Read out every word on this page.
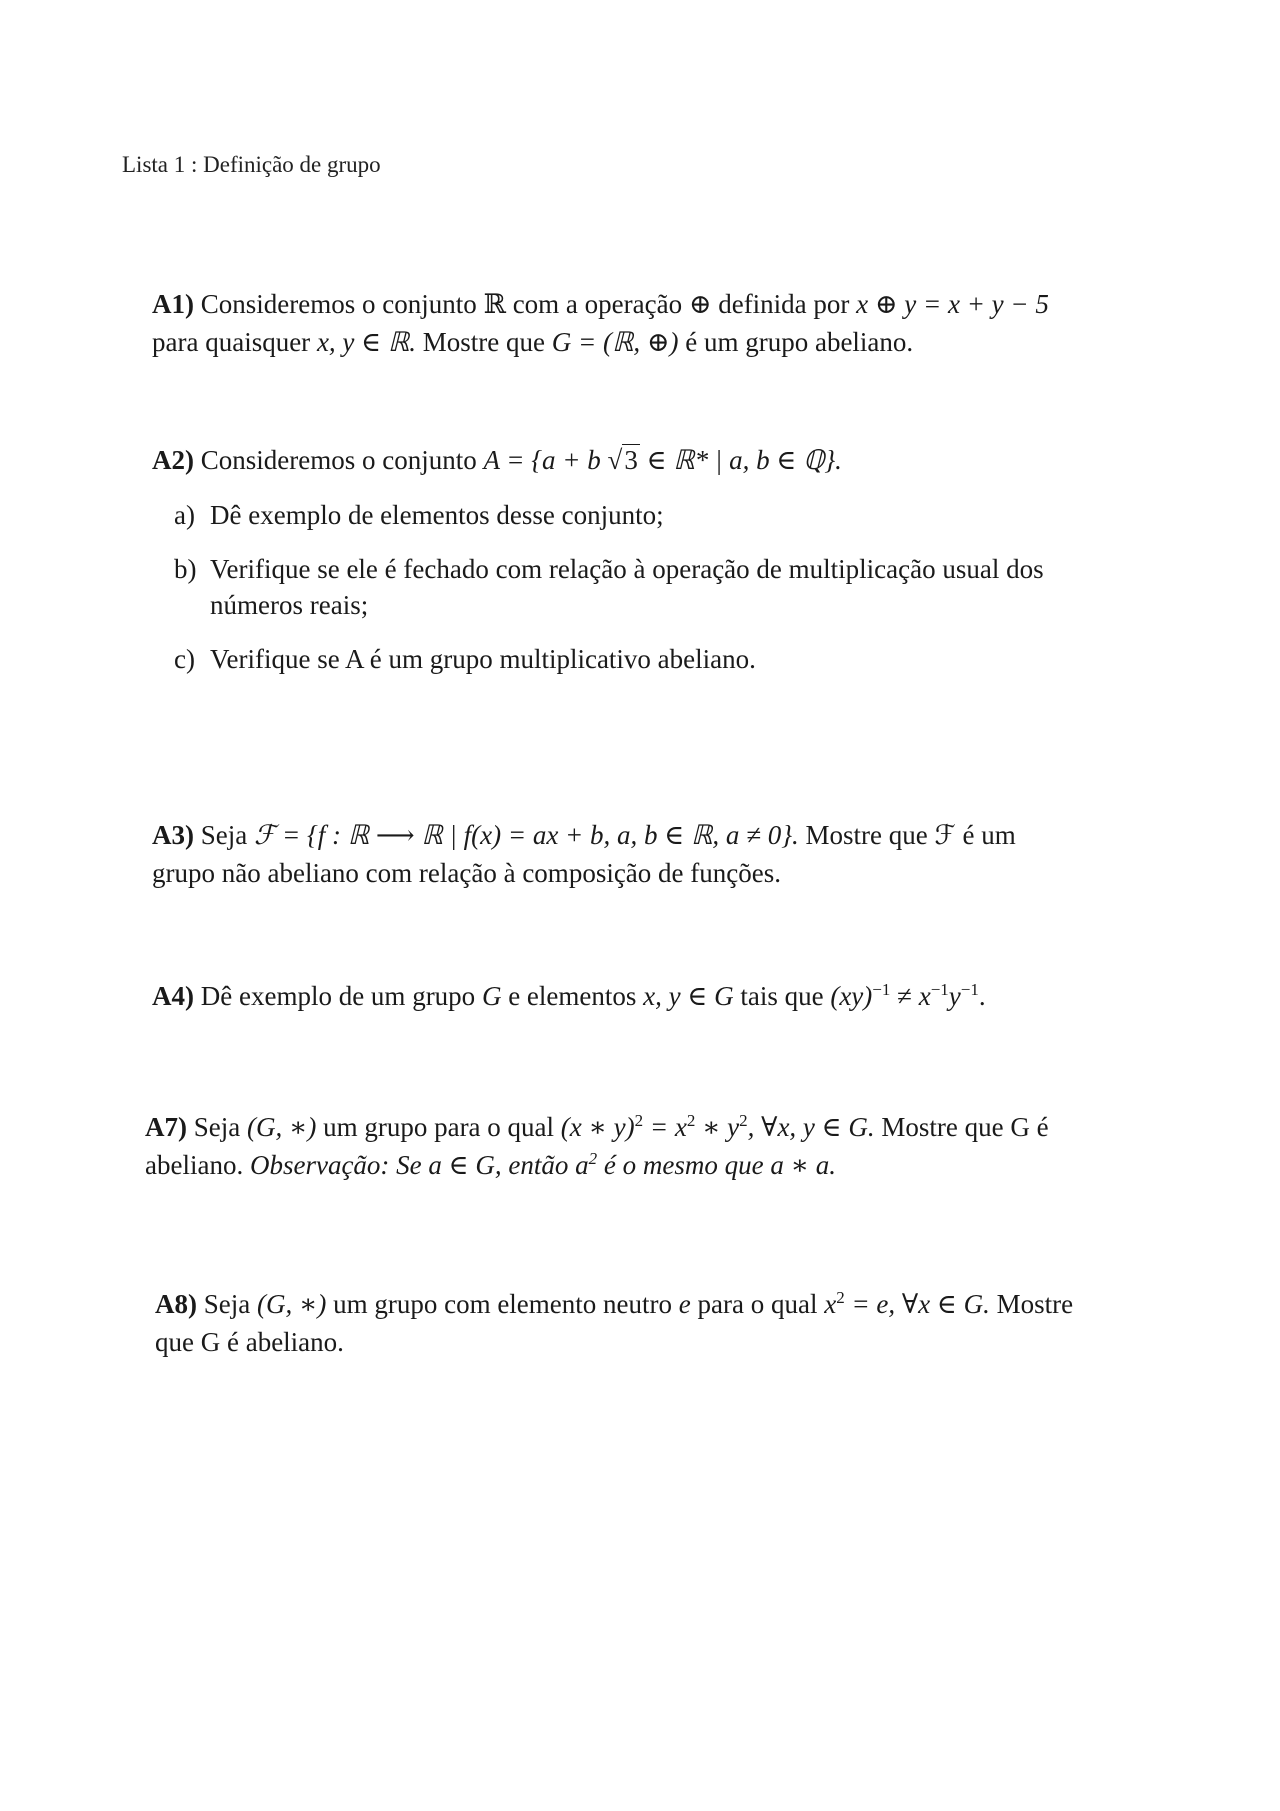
Lista 1 : Definição de grupo
A1) Consideremos o conjunto ℝ com a operação ⊕ definida por x ⊕ y = x + y − 5
para quaisquer x, y ∈ ℝ. Mostre que G = (ℝ, ⊕) é um grupo abeliano.
A2) Consideremos o conjunto A = {a + b √3 ∈ ℝ* | a, b ∈ ℚ}.
a) Dê exemplo de elementos desse conjunto;
b) Verifique se ele é fechado com relação à operação de multiplicação usual dos números reais;
c) Verifique se A é um grupo multiplicativo abeliano.
A3) Seja ℱ = {f : ℝ ⟶ ℝ | f(x) = ax + b, a, b ∈ ℝ, a ≠ 0}. Mostre que ℱ é um
grupo não abeliano com relação à composição de funções.
A4) Dê exemplo de um grupo G e elementos x, y ∈ G tais que $(xy)^{-1} \ne x^{-1}y^{-1}$.
A7) Seja (G, ∗) um grupo para o qual (x ∗ $y)^2 = x^2$ ∗ $y^2$, ∀x, y ∈ G. Mostre que G é
abeliano. Observação: Se a ∈ G, então $a^2$ é o mesmo que a ∗ a.
A8) Seja (G, ∗) um grupo com elemento neutro e para o qual $x^2 = e$, ∀x ∈ G. Mostre
que G é abeliano.
